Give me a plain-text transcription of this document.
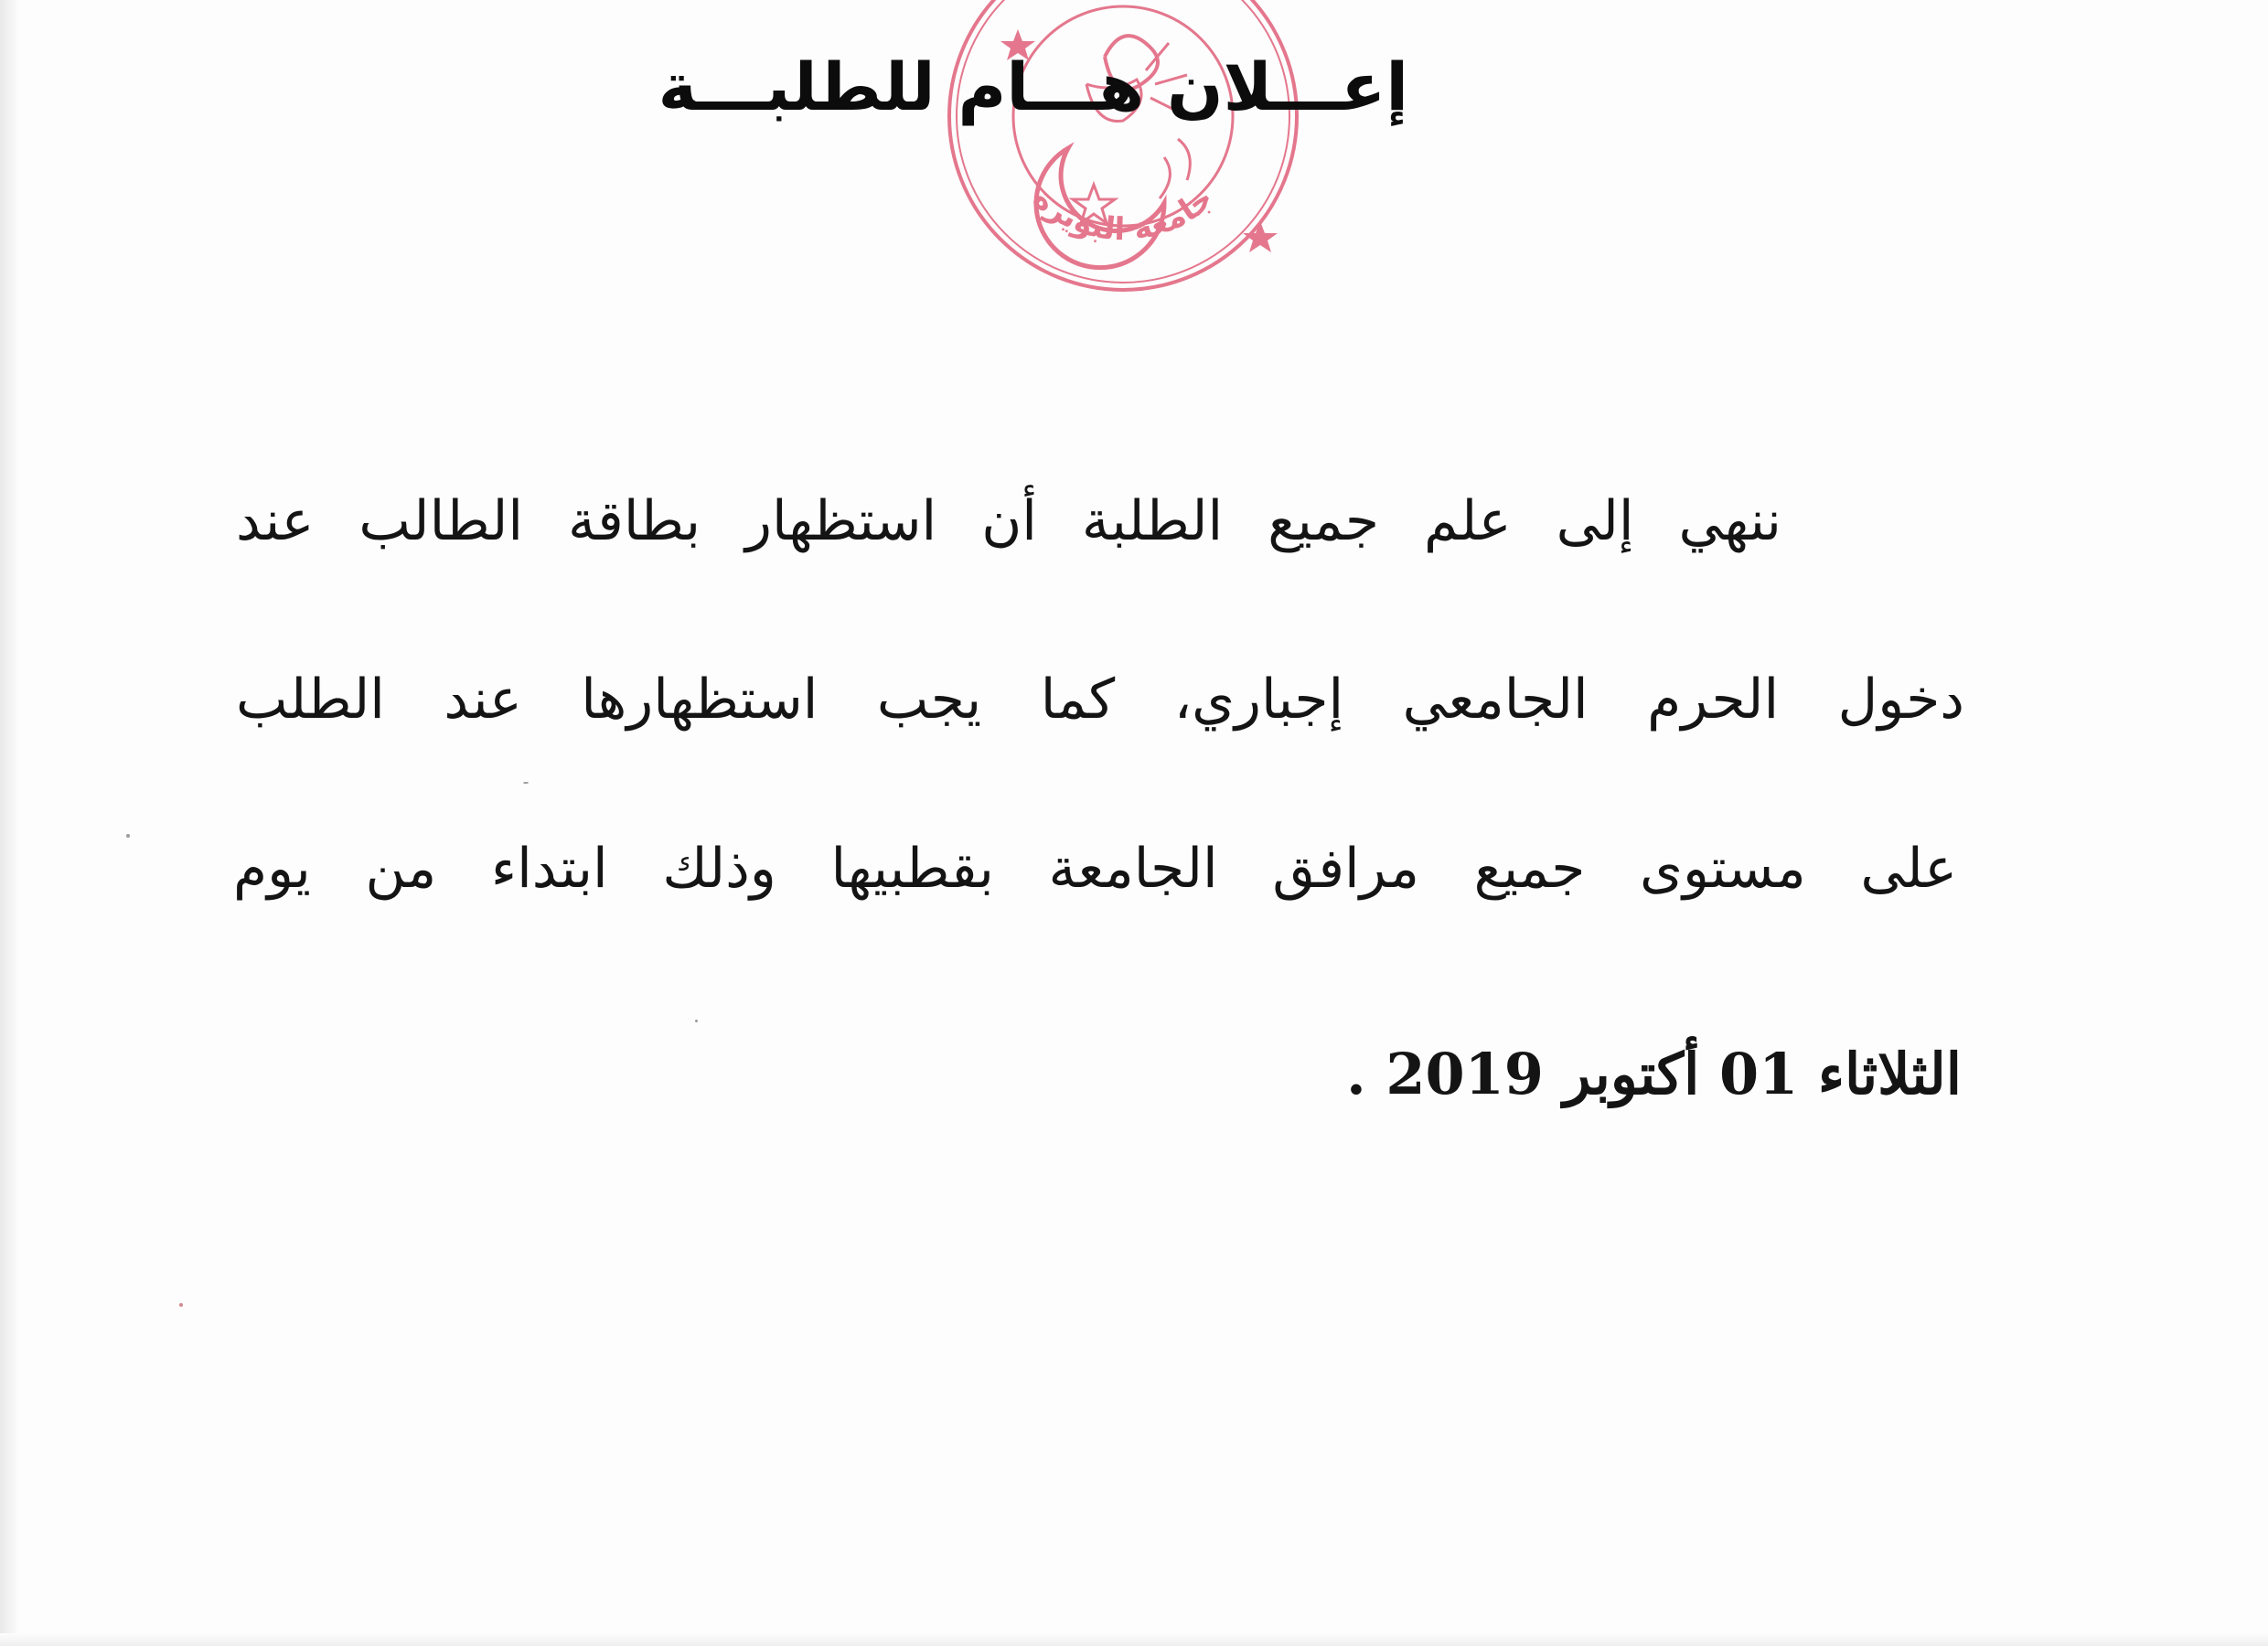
جامعة البويرة
إعـــلان هـــام للطلبـــة
ننهي إلى علم جميع الطلبة أن استظهار بطاقة الطالب عند
دخول الحرم الجامعي إجباري، كما يجب استظهارها عند الطلب
على مستوى جميع مرافق الجامعة بقطبيها وذلك ابتداء من يوم
الثلاثاء 01 أكتوبر 2019 .
